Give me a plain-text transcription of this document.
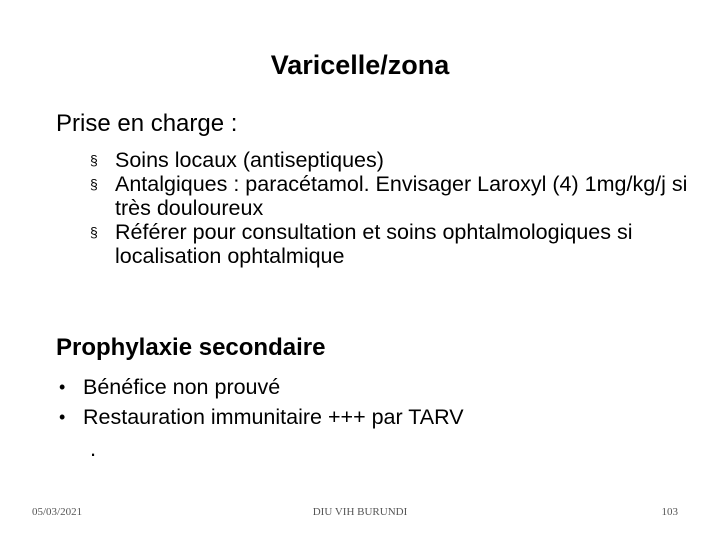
Varicelle/zona
Prise en charge :
§ Soins locaux (antiseptiques)
§ Antalgiques : paracétamol. Envisager Laroxyl (4) 1mg/kg/j si très douloureux
§ Référer pour consultation et soins ophtalmologiques si localisation ophtalmique
Prophylaxie secondaire
• Bénéfice non prouvé
• Restauration immunitaire +++ par TARV
.
05/03/2021	DIU VIH BURUNDI	103
